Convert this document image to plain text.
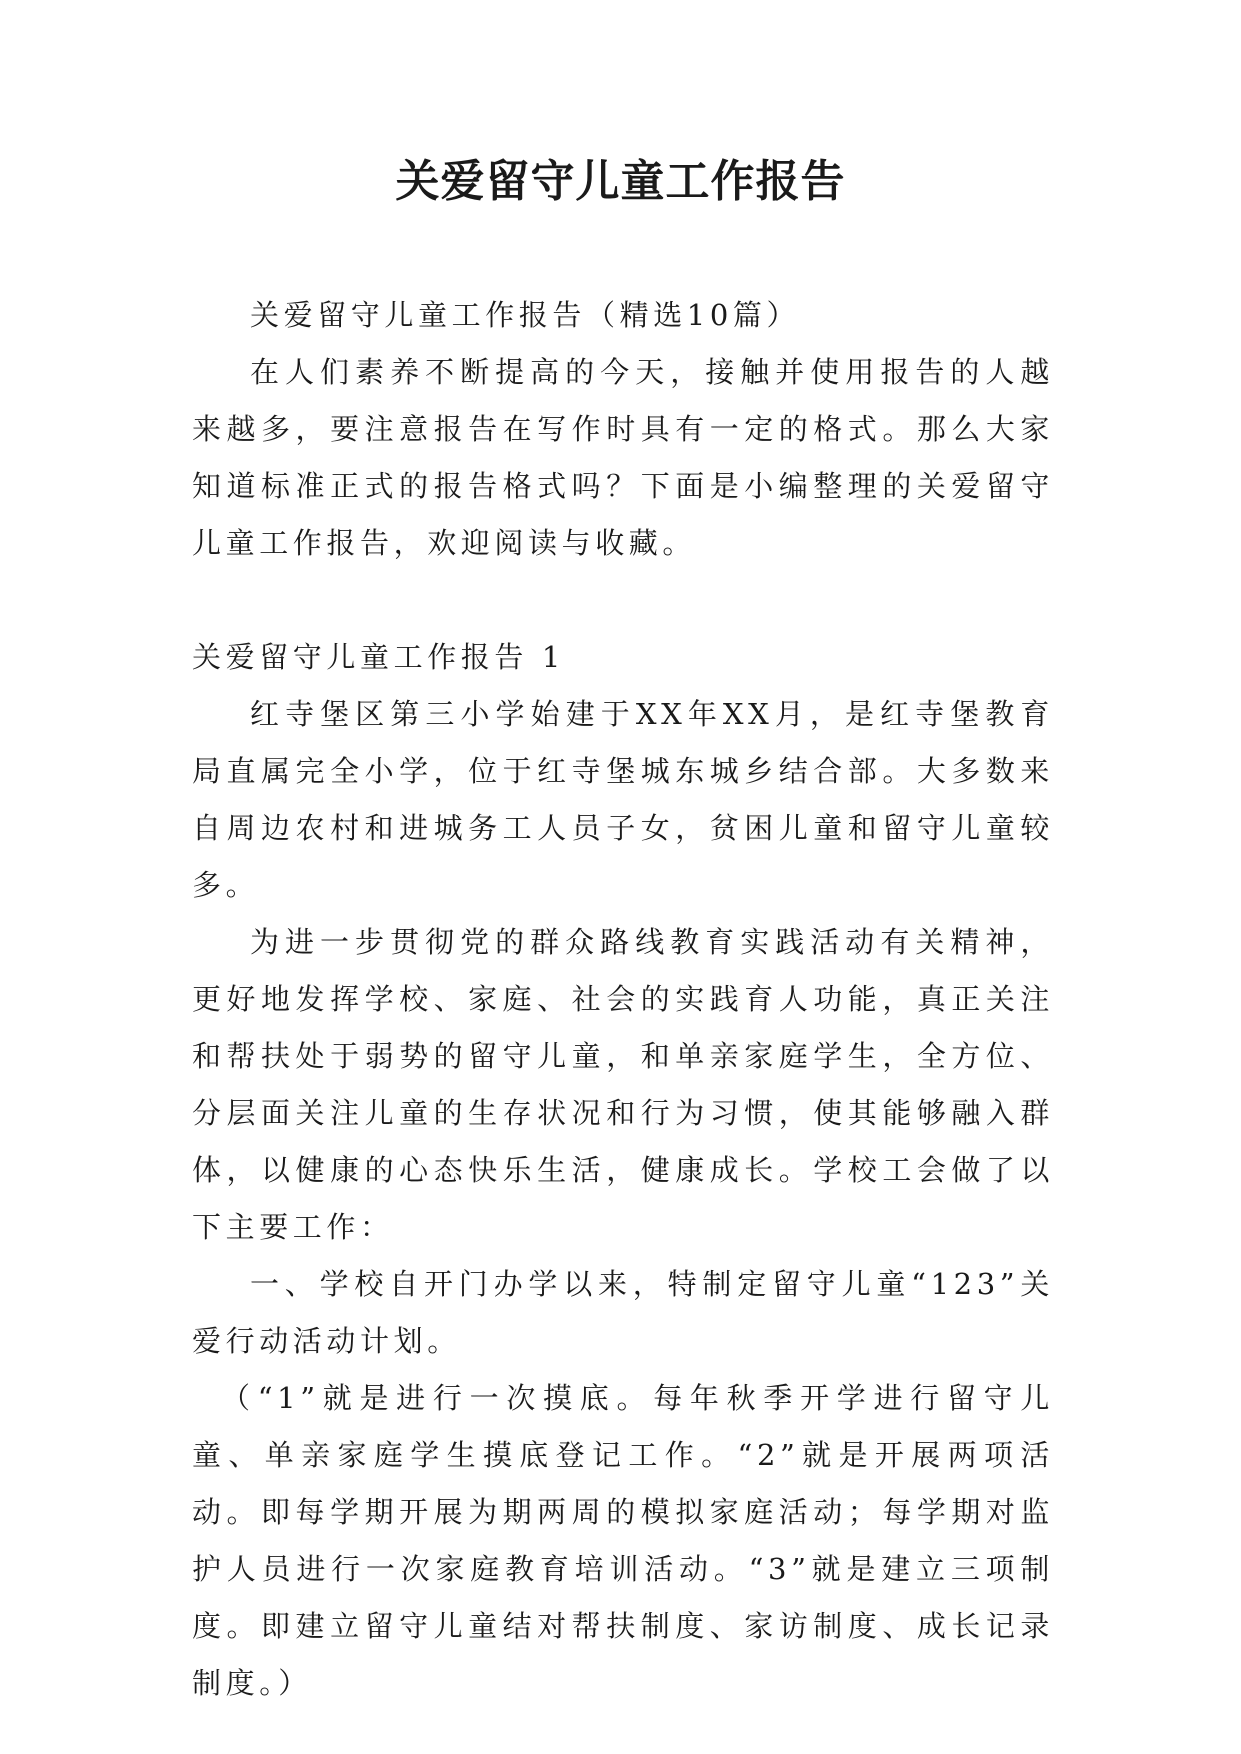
关爱留守儿童工作报告

关爱留守儿童工作报告（精选10篇）

在人们素养不断提高的今天，接触并使用报告的人越来越多，要注意报告在写作时具有一定的格式。那么大家知道标准正式的报告格式吗？下面是小编整理的关爱留守儿童工作报告，欢迎阅读与收藏。

关爱留守儿童工作报告 1

红寺堡区第三小学始建于XX年XX月，是红寺堡教育局直属完全小学，位于红寺堡城东城乡结合部。大多数来自周边农村和进城务工人员子女，贫困儿童和留守儿童较多。

为进一步贯彻党的群众路线教育实践活动有关精神，更好地发挥学校、家庭、社会的实践育人功能，真正关注和帮扶处于弱势的留守儿童，和单亲家庭学生，全方位、分层面关注儿童的生存状况和行为习惯，使其能够融入群体，以健康的心态快乐生活，健康成长。学校工会做了以下主要工作：

一、学校自开门办学以来，特制定留守儿童“123”关爱行动活动计划。

（“1”就是进行一次摸底。每年秋季开学进行留守儿童、单亲家庭学生摸底登记工作。“2”就是开展两项活动。即每学期开展为期两周的模拟家庭活动；每学期对监护人员进行一次家庭教育培训活动。“3”就是建立三项制度。即建立留守儿童结对帮扶制度、家访制度、成长记录制度。）
